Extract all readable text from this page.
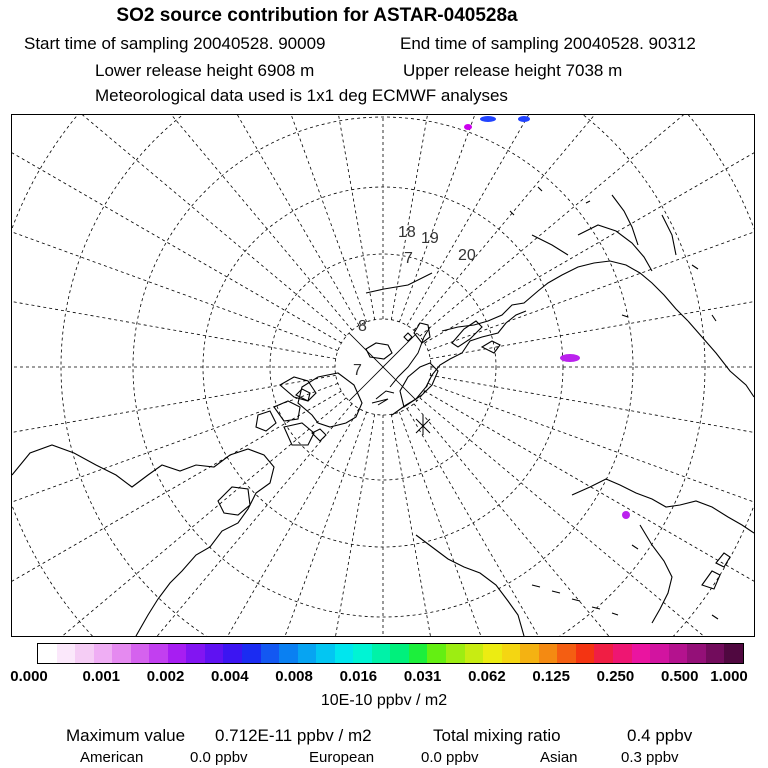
SO2 source contribution for ASTAR-040528a
Start time of sampling 20040528. 90009	End time of sampling 20040528. 90312
Lower release height 6908 m	Upper release height 7038 m
Meteorological data used is 1x1 deg ECMWF analyses
18 19
20
7
8
7
0.000 0.001 0.002 0.004 0.008 0.016 0.031 0.062 0.125 0.250 0.500 1.000
10E-10 ppbv / m2
Maximum value 0.712E-11 ppbv / m2	Total mixing ratio	0.4 ppbv
American	0.0 ppbv	European	0.0 ppbv	Asian	0.3 ppbv
